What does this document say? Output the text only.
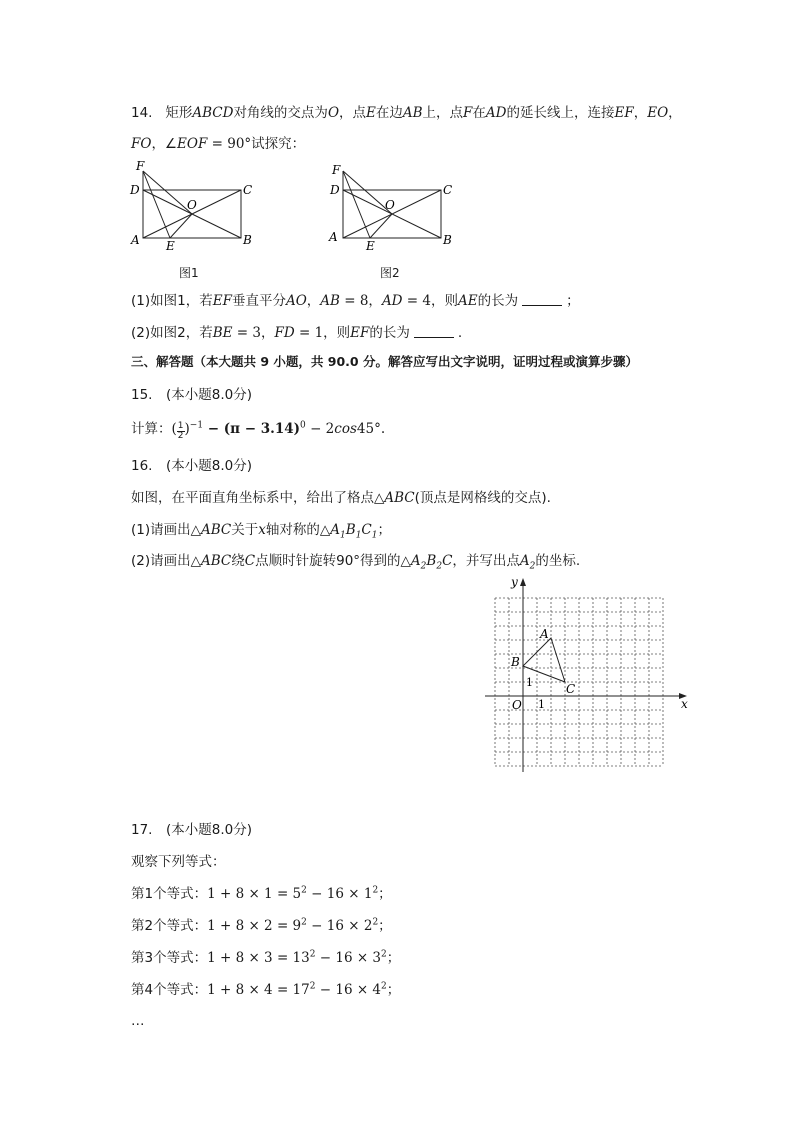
14. 矩形ABCD对角线的交点为O，点E在边AB上，点F在AD的延长线上，连接EF，EO，
FO，∠EOF = 90°试探究：
F
D	C
O
A E	B
图1
F
D	C
O
A
E	B
图2
(1)如图1，若EF垂直平分AO，AB = 8，AD = 4，则AE的长为	；
(2)如图2，若BE = 3，FD = 1，则EF的长为	.
三、解答题（本大题共 9 小题，共 90.0 分。解答应写出文字说明，证明过程或演算步骤）
15.　(本小题8.0分)
计算：( $\frac{1}{2} )^{-1} - (\pi - 3.14)^0 - 2\cos 45^\circ$.
16.　(本小题8.0分)
如图，在平面直角坐标系中，给出了格点△ABC(顶点是网格线的交点).
(1)请画出△ABC关于x轴对称的$\triangle A_1B_1C_1$；
(2)请画出△ABC绕C点顺时针旋转90°得到的$\triangle A_2B_2C$，并写出点$A_2$的坐标.
x
y
O
A
B
C
1
1
17.　(本小题8.0分)
观察下列等式：
第1个等式：$1 + 8 \times 1 = 5^2 - 16 \times 1^2$；
第2个等式：$1 + 8 \times 2 = 9^2 - 16 \times 2^2$；
第3个等式：$1 + 8 \times 3 = 13^2 - 16 \times 3^2$；
第4个等式：$1 + 8 \times 4 = 17^2 - 16 \times 4^2$；
…
